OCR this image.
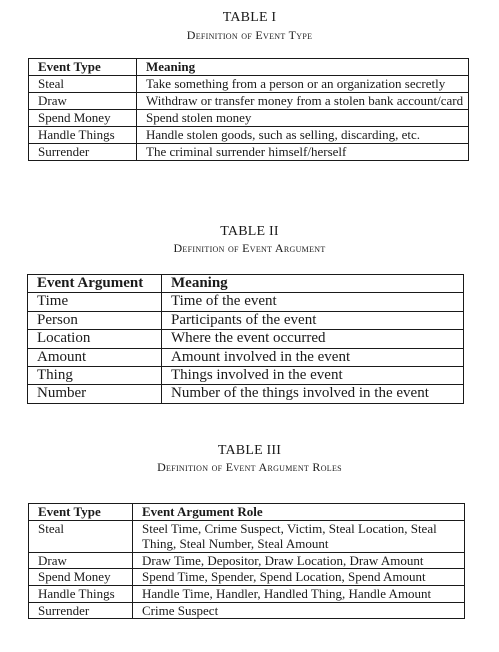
TABLE I
Definition of Event Type
Event Type	Meaning
Steal	Take something from a person or an organization secretly
Draw	Withdraw or transfer money from a stolen bank account/card
Spend Money	Spend stolen money
Handle Things	Handle stolen goods, such as selling, discarding, etc.
Surrender	The criminal surrender himself/herself
TABLE II
Definition of Event Argument
Event Argument	Meaning
Time	Time of the event
Person	Participants of the event
Location	Where the event occurred
Amount	Amount involved in the event
Thing	Things involved in the event
Number	Number of the things involved in the event
TABLE III
Definition of Event Argument Roles
Event Type	Event Argument Role
Steal	Steel Time, Crime Suspect, Victim, Steal Location, Steal Thing, Steal Number, Steal Amount
Draw	Draw Time, Depositor, Draw Location, Draw Amount
Spend Money	Spend Time, Spender, Spend Location, Spend Amount
Handle Things	Handle Time, Handler, Handled Thing, Handle Amount
Surrender	Crime Suspect
